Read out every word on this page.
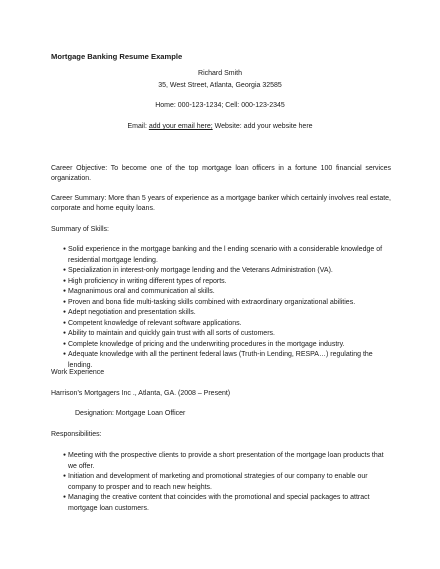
Mortgage Banking Resume Example
Richard Smith
35, West Street, Atlanta, Georgia 32585
Home: 000-123-1234; Cell: 000-123-2345
Email: add your email here; Website: add your website here
Career Objective: To become one of the top mortgage loan officers in a fortune 100 financial services organization.
Career Summary: More than 5 years of experience as a mortgage banker which certainly involves real estate, corporate and home equity loans.
Summary of Skills:
● Solid experience in the mortgage banking and the l ending scenario with a considerable knowledge of residential mortgage lending.
● Specialization in interest-only mortgage lending and the Veterans Administration (VA).
● High proficiency in writing different types of reports.
● Magnanimous oral and communication al skills.
● Proven and bona fide multi-tasking skills combined with extraordinary organizational abilities.
● Adept negotiation and presentation skills.
● Competent knowledge of relevant software applications.
● Ability to maintain and quickly gain trust with all sorts of customers.
● Complete knowledge of pricing and the underwriting procedures in the mortgage industry.
● Adequate knowledge with all the pertinent federal laws (Truth-in Lending, RESPA…) regulating the lending.
Work Experience
Harrison's Mortgagers Inc ., Atlanta, GA. (2008 – Present)
Designation: Mortgage Loan Officer
Responsibilities:
● Meeting with the prospective clients to provide a short presentation of the mortgage loan products that we offer.
● Initiation and development of marketing and promotional strategies of our company to enable our company to prosper and to reach new heights.
● Managing the creative content that coincides with the promotional and special packages to attract mortgage loan customers.
